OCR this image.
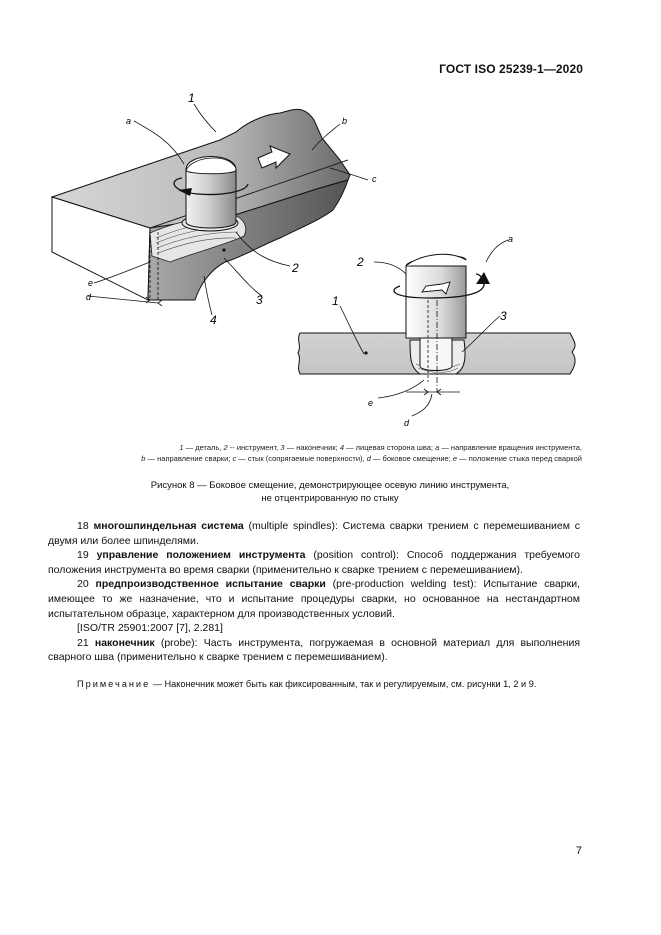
ГОСТ ISO 25239-1—2020
1
a	b
c
2
3
4
e
d
2
1
3
a
e
d
1 — деталь, 2 -- инструмент, 3 — наконечник; 4 — лицевая сторона шва; a — направление вращения инструмента,
b — направление сварки; c — стык (сопрягаемые поверхности), d — боковое смещение; e — положение стыка перед сваркой
Рисунок 8 — Боковое смещение, демонстрирующее осевую линию инструмента,
не отцентрированную по стыку

18 многошпиндельная система (multiple spindles): Система сварки трением с перемешиванием с двумя или более шпинделями.

19 управление положением инструмента (position control): Способ поддержания требуемого положения инструмента во время сварки (применительно к сварке трением с перемешиванием).

20 предпроизводственное испытание сварки (pre-production welding test): Испытание сварки, имеющее то же назначение, что и испытание процедуры сварки, но основанное на нестандартном испытательном образце, характерном для производственных условий.

[ISO/TR 25901:2007 [7], 2.281]

21 наконечник (probe): Часть инструмента, погружаемая в основной материал для выполнения сварного шва (применительно к сварке трением с перемешиванием).

Примечание — Наконечник может быть как фиксированным, так и регулируемым, см. рисунки 1, 2 и 9.

7
